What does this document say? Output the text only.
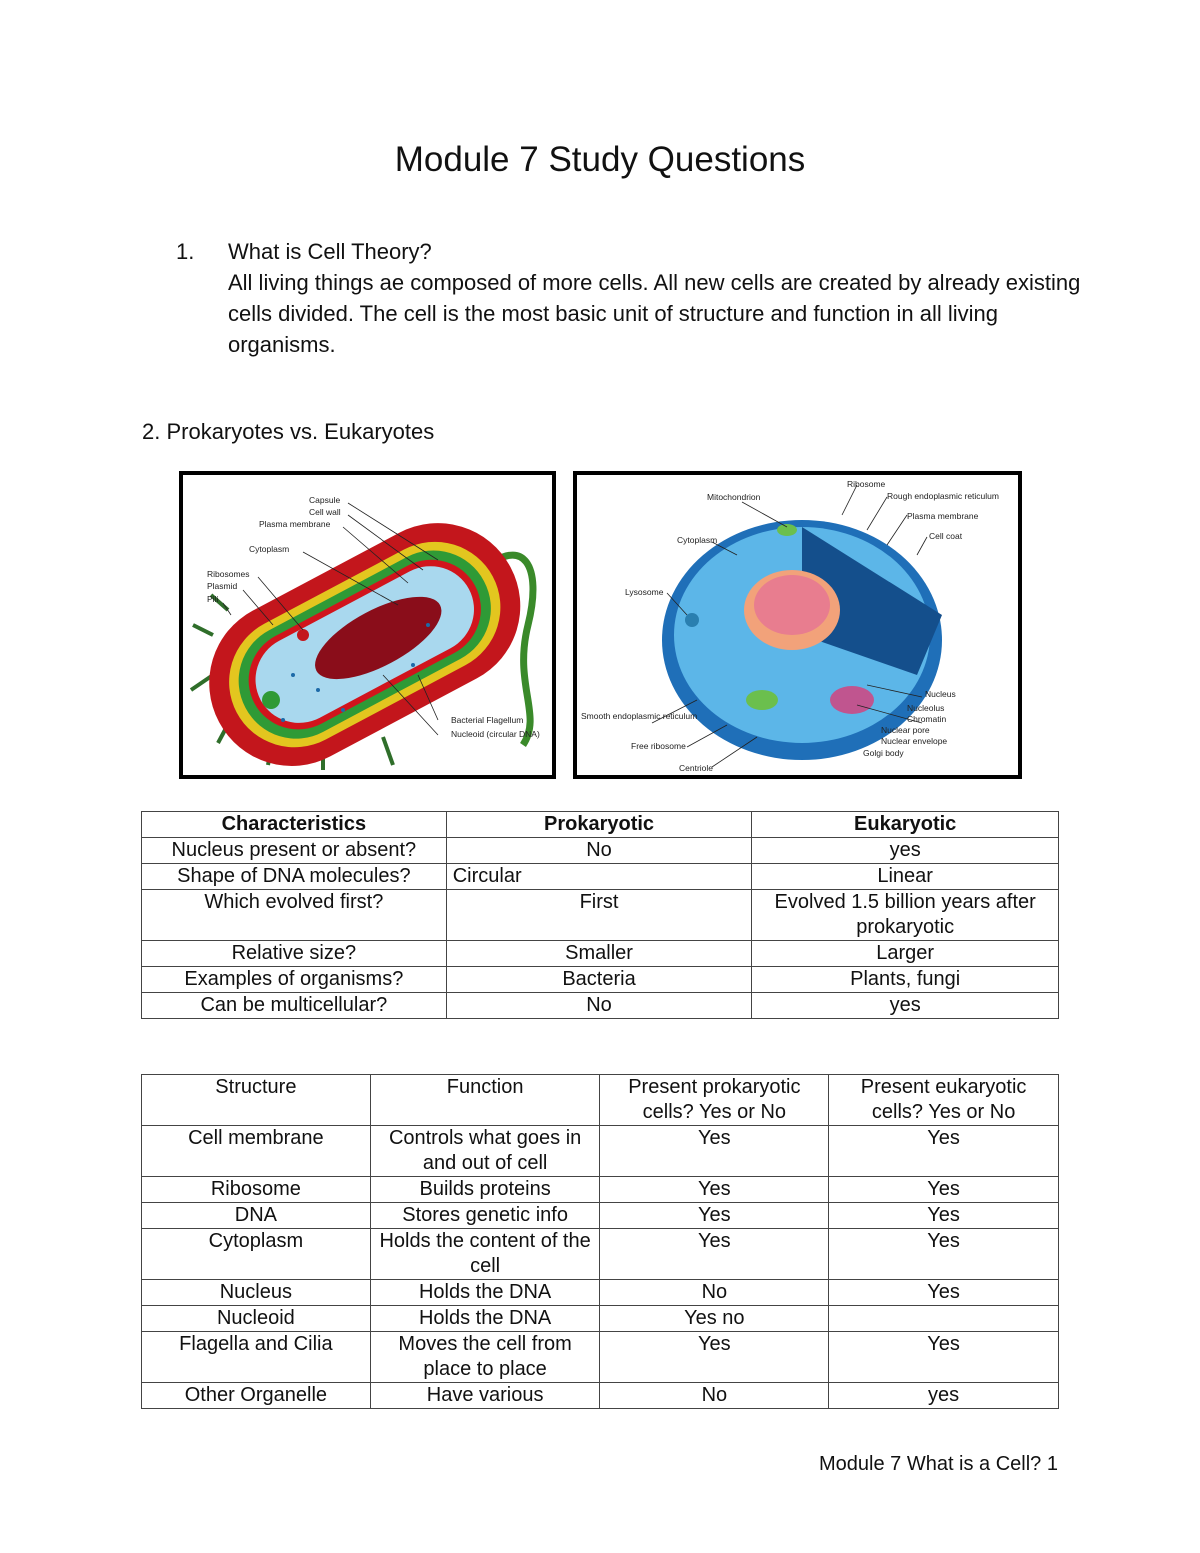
Module 7 Study Questions
1. What is Cell Theory?
All living things ae composed of more cells. All new cells are created by already existing cells divided. The cell is the most basic unit of structure and function in all living organisms.
2. Prokaryotes vs. Eukaryotes
Capsule
Cell wall
Plasma membrane
Cytoplasm
Ribosomes
Plasmid
Pili
Bacterial Flagellum
Nucleoid (circular DNA)
Mitochondrion
Ribosome
Rough endoplasmic reticulum
Plasma membrane
Cell coat
Cytoplasm
Lysosome
Nucleus
Nucleolus
Chromatin
Nuclear pore
Nuclear envelope
Golgi body
Smooth endoplasmic reticulum
Free ribosome
Centriole
Characteristics	Prokaryotic	Eukaryotic
Nucleus present or absent?	No	yes
Shape of DNA molecules?	Circular	Linear
Which evolved first?	First	Evolved 1.5 billion years after prokaryotic
Relative size?	Smaller	Larger
Examples of organisms?	Bacteria	Plants, fungi
Can be multicellular?	No	yes
Structure	Function	Present prokaryotic cells? Yes or No	Present eukaryotic cells? Yes or No
Cell membrane	Controls what goes in and out of cell	Yes	Yes
Ribosome	Builds proteins	Yes	Yes
DNA	Stores genetic info	Yes	Yes
Cytoplasm	Holds the content of the cell	Yes	Yes
Nucleus	Holds the DNA	No	Yes
Nucleoid	Holds the DNA	Yes no	
Flagella and Cilia	Moves the cell from place to place	Yes	Yes
Other Organelle	Have various	No	yes
Module 7 What is a Cell? 1
